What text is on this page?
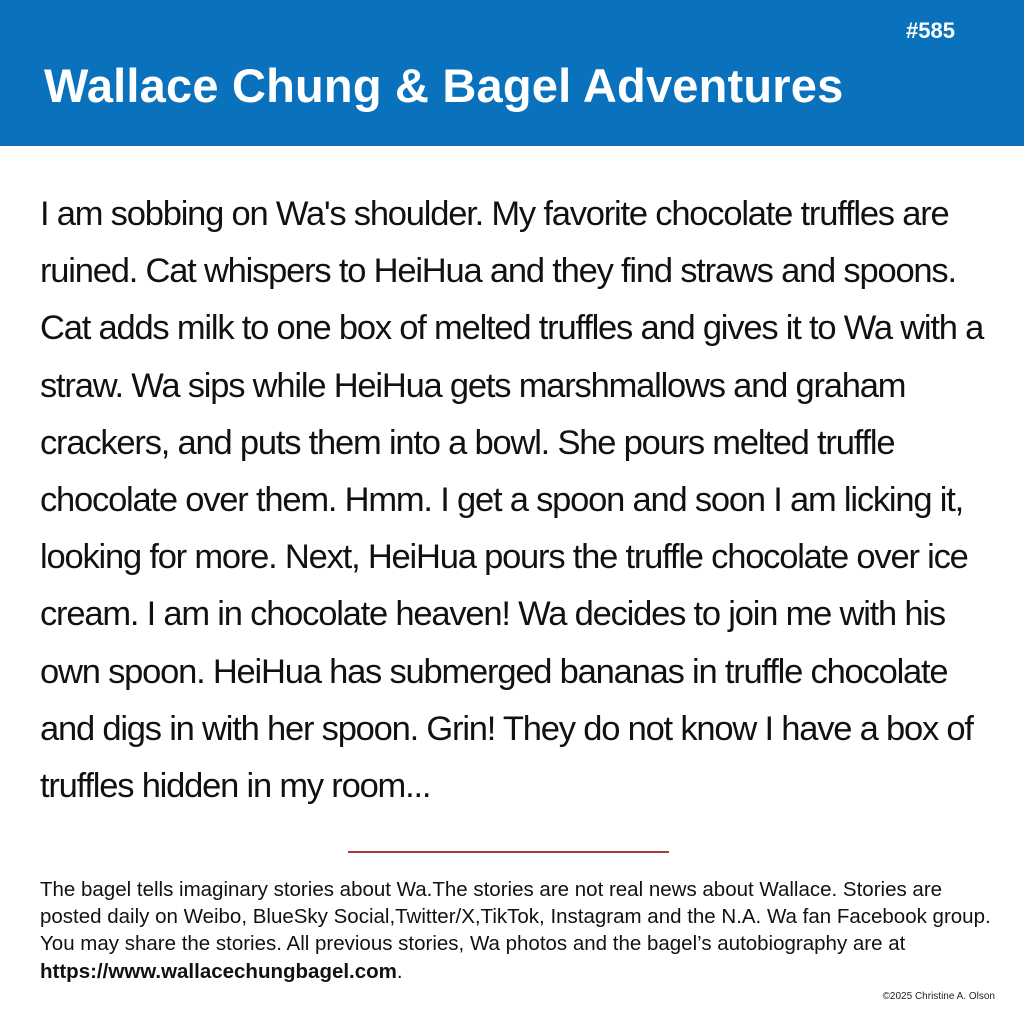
#585
Wallace Chung & Bagel Adventures

I am sobbing on Wa's shoulder. My favorite chocolate truffles are ruined. Cat whispers to HeiHua and they find straws and spoons. Cat adds milk to one box of melted truffles and gives it to Wa with a straw. Wa sips while HeiHua gets marshmallows and graham crackers, and puts them into a bowl. She pours melted truffle chocolate over them. Hmm. I get a spoon and soon I am licking it, looking for more. Next, HeiHua pours the truffle chocolate over ice cream. I am in chocolate heaven! Wa decides to join me with his own spoon. HeiHua has submerged bananas in truffle chocolate and digs in with her spoon. Grin! They do not know I have a box of truffles hidden in my room...

The bagel tells imaginary stories about Wa.The stories are not real news about Wallace. Stories are posted daily on Weibo, BlueSky Social,Twitter/X,TikTok, Instagram and the N.A. Wa fan Facebook group. You may share the stories. All previous stories, Wa photos and the bagel’s autobiography are at https://www.wallacechungbagel.com.

©2025 Christine A. Olson
